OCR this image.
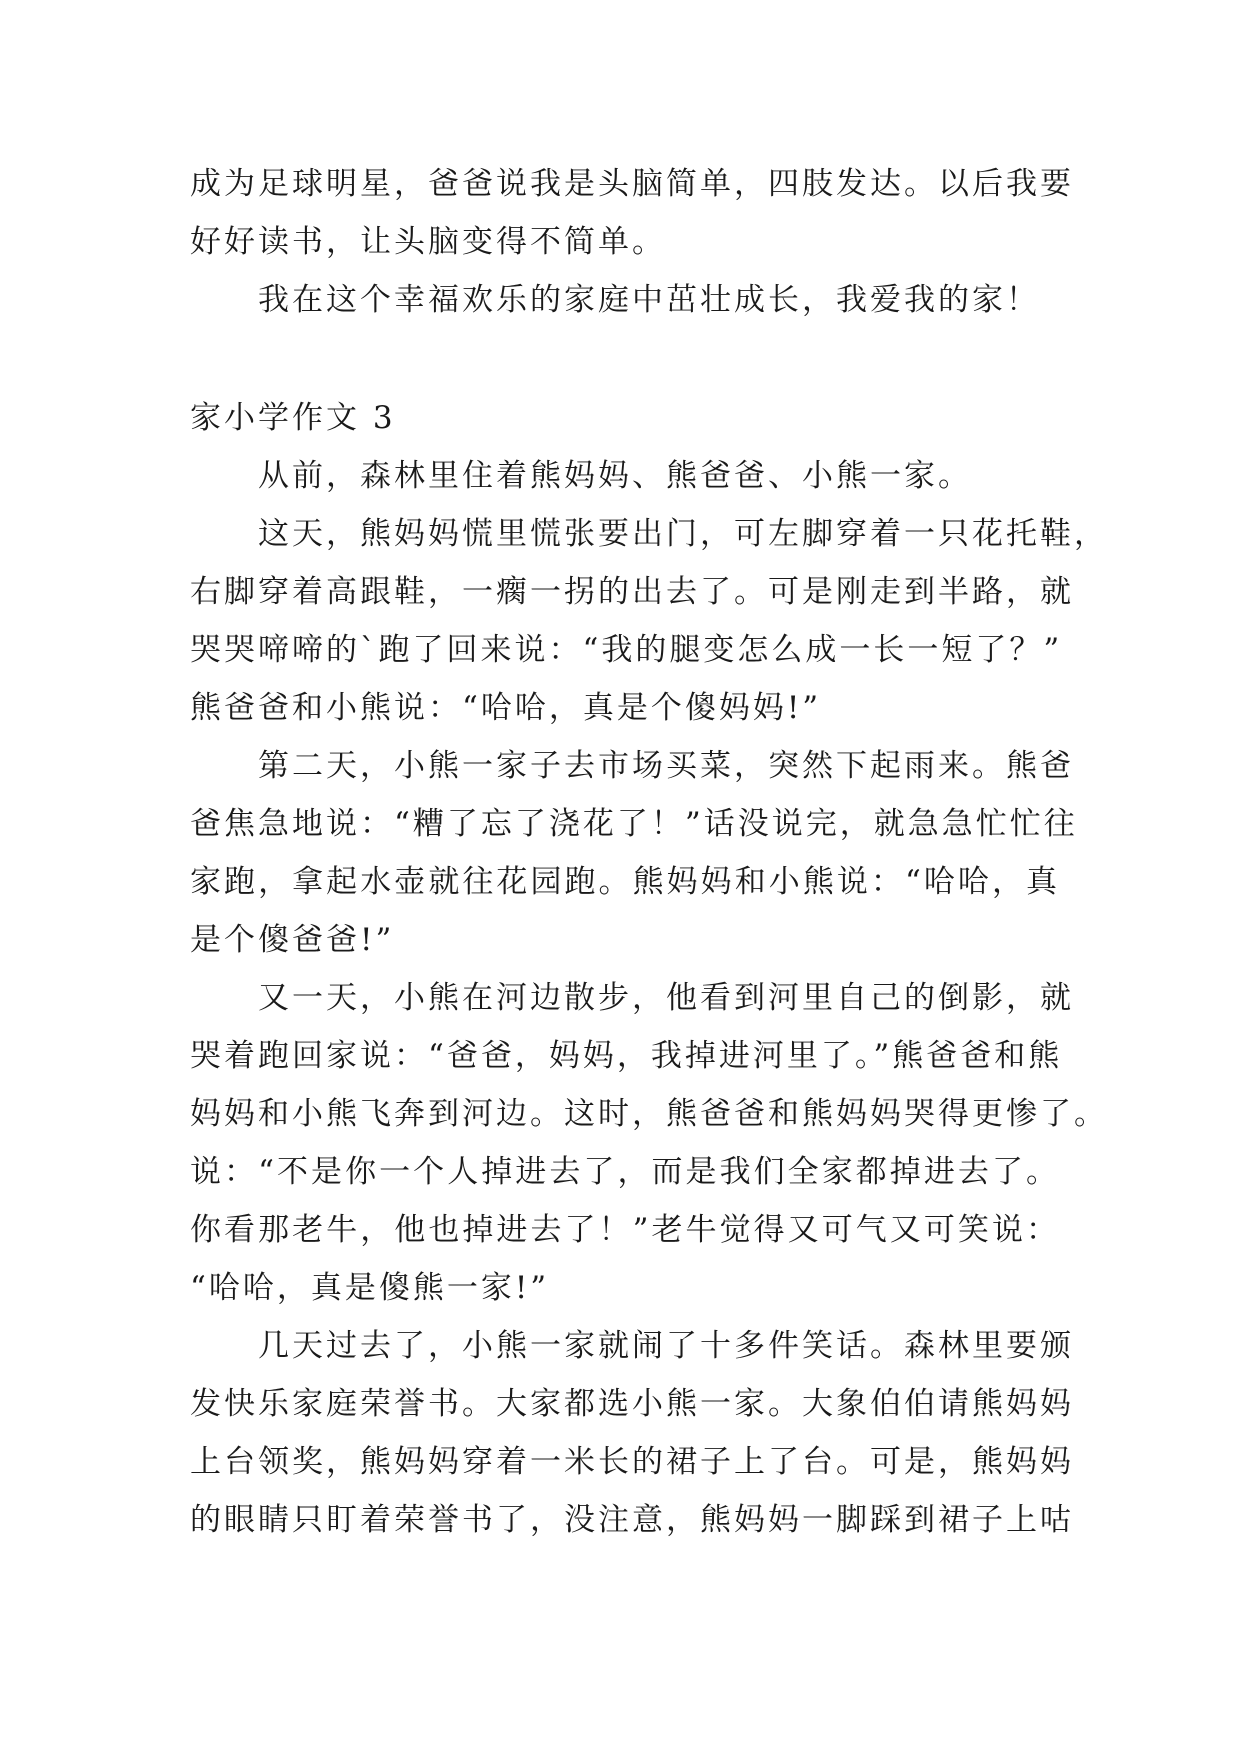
成为足球明星，爸爸说我是头脑简单，四肢发达。以后我要
好好读书，让头脑变得不简单。
我在这个幸福欢乐的家庭中茁壮成长，我爱我的家！
家小学作文 3
从前，森林里住着熊妈妈、熊爸爸、小熊一家。
这天，熊妈妈慌里慌张要出门，可左脚穿着一只花托鞋，
右脚穿着高跟鞋，一瘸一拐的出去了。可是刚走到半路，就
哭哭啼啼的`跑了回来说：“我的腿变怎么成一长一短了？”
熊爸爸和小熊说：“哈哈，真是个傻妈妈!”
第二天，小熊一家子去市场买菜，突然下起雨来。熊爸
爸焦急地说：“糟了忘了浇花了！”话没说完，就急急忙忙往
家跑，拿起水壶就往花园跑。熊妈妈和小熊说：“哈哈，真
是个傻爸爸!”
又一天，小熊在河边散步，他看到河里自己的倒影，就
哭着跑回家说：“爸爸，妈妈，我掉进河里了。”熊爸爸和熊
妈妈和小熊飞奔到河边。这时，熊爸爸和熊妈妈哭得更惨了。
说：“不是你一个人掉进去了，而是我们全家都掉进去了。
你看那老牛，他也掉进去了！”老牛觉得又可气又可笑说：
“哈哈，真是傻熊一家!”
几天过去了，小熊一家就闹了十多件笑话。森林里要颁
发快乐家庭荣誉书。大家都选小熊一家。大象伯伯请熊妈妈
上台领奖，熊妈妈穿着一米长的裙子上了台。可是，熊妈妈
的眼睛只盯着荣誉书了，没注意，熊妈妈一脚踩到裙子上咕
